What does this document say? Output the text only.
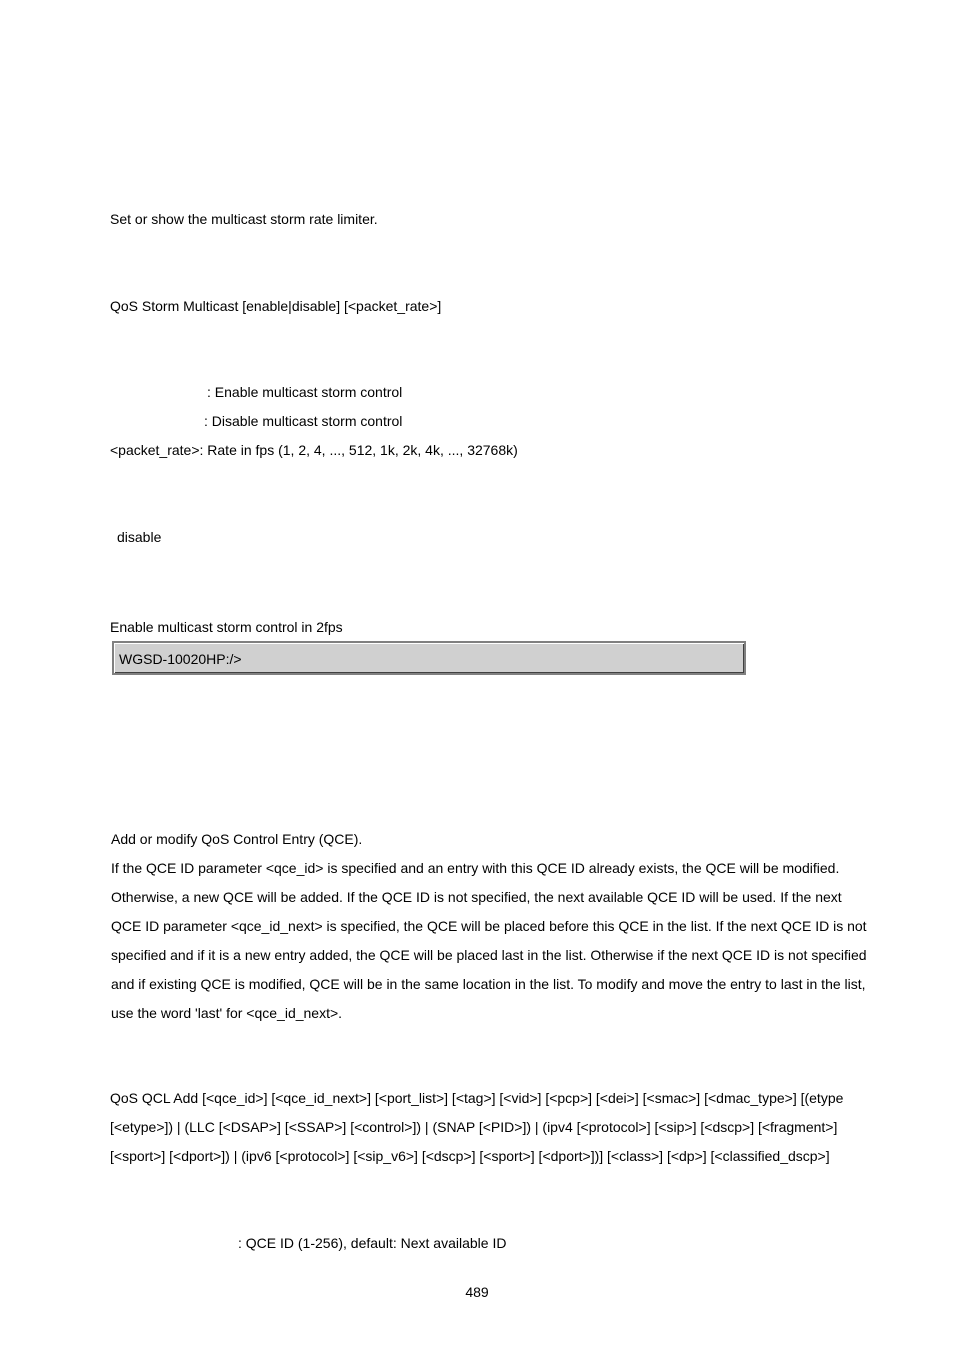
Set or show the multicast storm rate limiter.
QoS Storm Multicast [enable|disable] [<packet_rate>]
: Enable multicast storm control
: Disable multicast storm control
<packet_rate>: Rate in fps (1, 2, 4, ..., 512, 1k, 2k, 4k, ..., 32768k)
disable
Enable multicast storm control in 2fps
WGSD-10020HP:/>
Add or modify QoS Control Entry (QCE).
If the QCE ID parameter <qce_id> is specified and an entry with this QCE ID already exists, the QCE will be modified.
Otherwise, a new QCE will be added. If the QCE ID is not specified, the next available QCE ID will be used. If the next
QCE ID parameter <qce_id_next> is specified, the QCE will be placed before this QCE in the list. If the next QCE ID is not
specified and if it is a new entry added, the QCE will be placed last in the list. Otherwise if the next QCE ID is not specified
and if existing QCE is modified, QCE will be in the same location in the list. To modify and move the entry to last in the list,
use the word 'last' for <qce_id_next>.
QoS QCL Add [<qce_id>] [<qce_id_next>] [<port_list>] [<tag>] [<vid>] [<pcp>] [<dei>] [<smac>] [<dmac_type>] [(etype
[<etype>]) | (LLC [<DSAP>] [<SSAP>] [<control>]) | (SNAP [<PID>]) | (ipv4 [<protocol>] [<sip>] [<dscp>] [<fragment>]
[<sport>] [<dport>]) | (ipv6 [<protocol>] [<sip_v6>] [<dscp>] [<sport>] [<dport>])] [<class>] [<dp>] [<classified_dscp>]
: QCE ID (1-256), default: Next available ID
489
